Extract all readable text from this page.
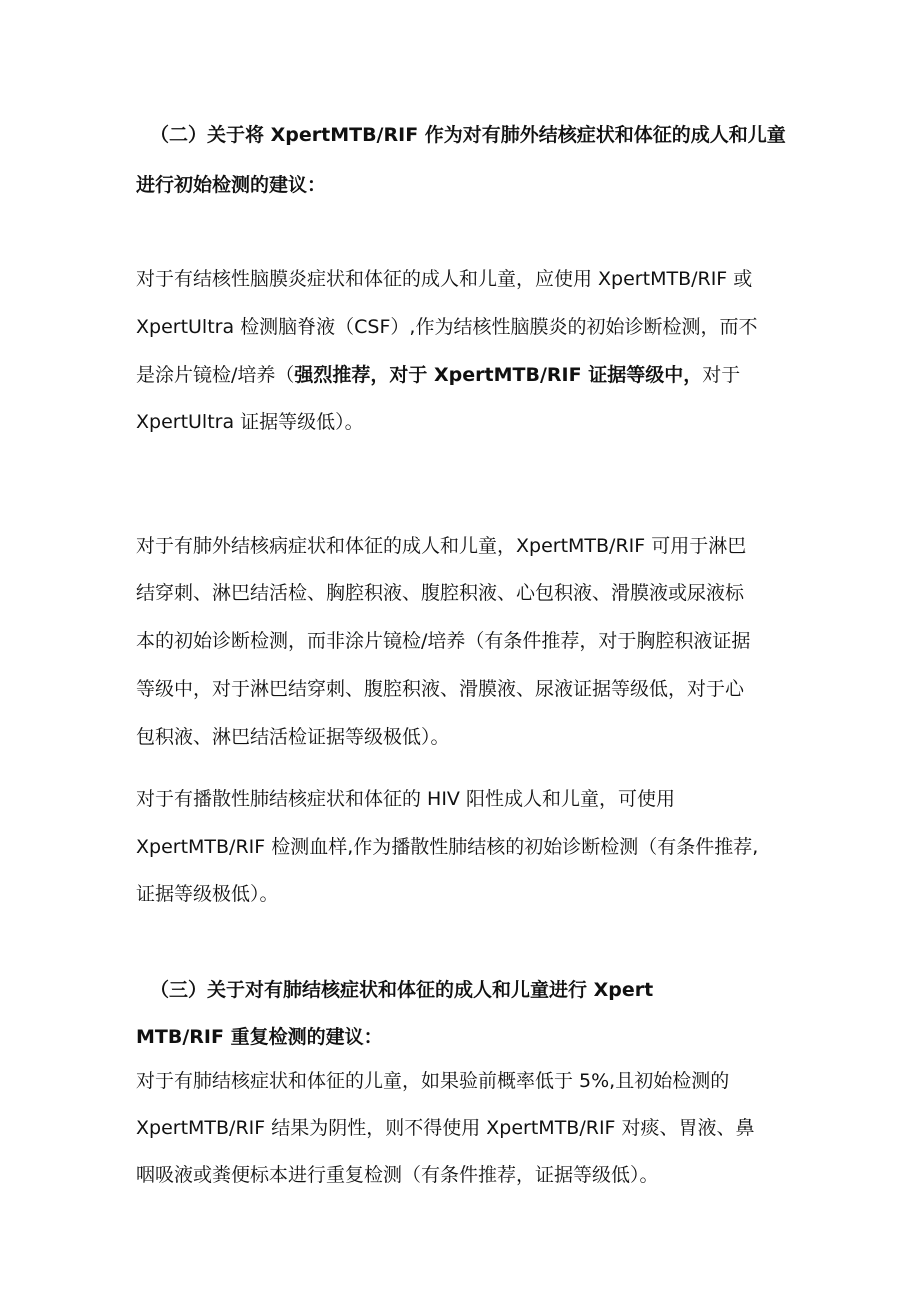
（二）关于将 XpertMTB/RIF 作为对有肺外结核症状和体征的成人和儿童
进行初始检测的建议：
对于有结核性脑膜炎症状和体征的成人和儿童，应使用 XpertMTB/RIF 或
XpertUltra 检测脑脊液（CSF）,作为结核性脑膜炎的初始诊断检测，而不
是涂片镜检/培养（强烈推荐，对于 XpertMTB/RIF 证据等级中，对于
XpertUltra 证据等级低）。
对于有肺外结核病症状和体征的成人和儿童，XpertMTB/RIF 可用于淋巴
结穿刺、淋巴结活检、胸腔积液、腹腔积液、心包积液、滑膜液或尿液标
本的初始诊断检测，而非涂片镜检/培养（有条件推荐，对于胸腔积液证据
等级中，对于淋巴结穿刺、腹腔积液、滑膜液、尿液证据等级低，对于心
包积液、淋巴结活检证据等级极低）。
对于有播散性肺结核症状和体征的 HIV 阳性成人和儿童，可使用
XpertMTB/RIF 检测血样,作为播散性肺结核的初始诊断检测（有条件推荐,
证据等级极低）。
（三）关于对有肺结核症状和体征的成人和儿童进行 Xpert
MTB/RIF 重复检测的建议：
对于有肺结核症状和体征的儿童，如果验前概率低于 5%,且初始检测的
XpertMTB/RIF 结果为阴性，则不得使用 XpertMTB/RIF 对痰、胃液、鼻
咽吸液或粪便标本进行重复检测（有条件推荐，证据等级低）。
